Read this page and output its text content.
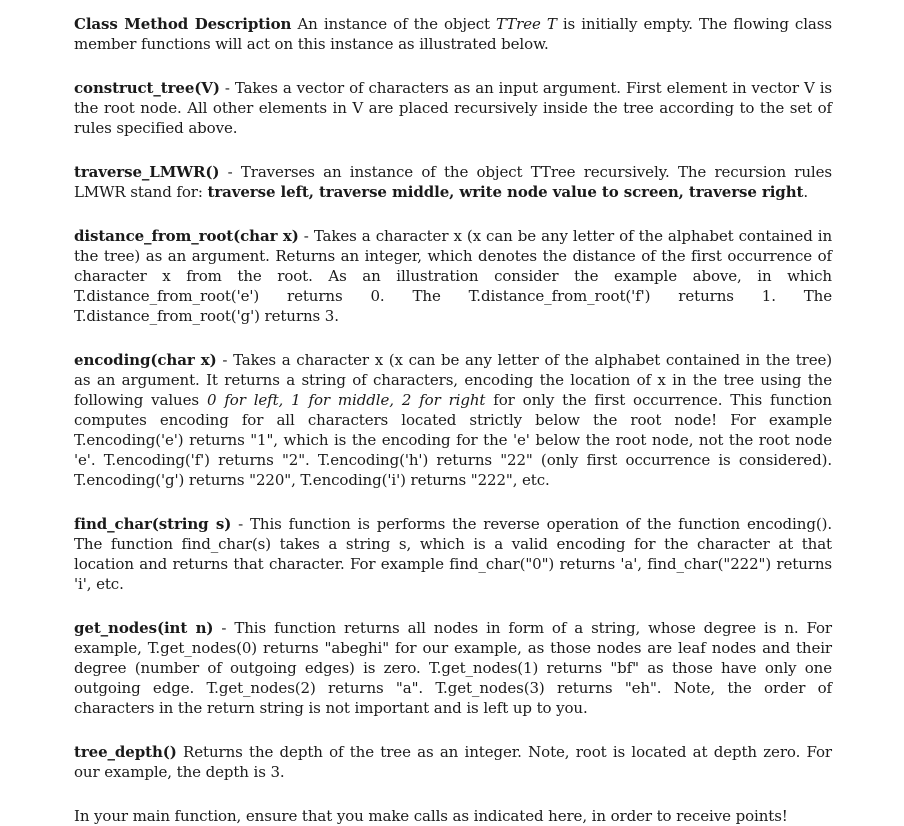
Class Method Description An instance of the object TTree T is initially empty. The flowing class member functions will act on this instance as illustrated below.

construct_tree(V) - Takes a vector of characters as an input argument. First element in vector V is the root node. All other elements in V are placed recursively inside the tree according to the set of rules specified above.

traverse_LMWR() - Traverses an instance of the object TTree recursively. The recursion rules LMWR stand for: traverse left, traverse middle, write node value to screen, traverse right.

distance_from_root(char x) - Takes a character x (x can be any letter of the alphabet contained in the tree) as an argument. Returns an integer, which denotes the distance of the first occurrence of character x from the root. As an illustration consider the example above, in which T.distance_from_root('e') returns 0. The T.distance_from_root('f') returns 1. The T.distance_from_root('g') returns 3.

encoding(char x) - Takes a character x (x can be any letter of the alphabet contained in the tree) as an argument. It returns a string of characters, encoding the location of x in the tree using the following values 0 for left, 1 for middle, 2 for right for only the first occurrence. This function computes encoding for all characters located strictly below the root node! For example T.encoding('e') returns "1", which is the encoding for the 'e' below the root node, not the root node 'e'. T.encoding('f') returns "2". T.encoding('h') returns "22" (only first occurrence is considered). T.encoding('g') returns "220", T.encoding('i') returns "222", etc.

find_char(string s) - This function is performs the reverse operation of the function encoding(). The function find_char(s) takes a string s, which is a valid encoding for the character at that location and returns that character. For example find_char("0") returns 'a', find_char("222") returns 'i', etc.

get_nodes(int n) - This function returns all nodes in form of a string, whose degree is n. For example, T.get_nodes(0) returns "abeghi" for our example, as those nodes are leaf nodes and their degree (number of outgoing edges) is zero. T.get_nodes(1) returns "bf" as those have only one outgoing edge. T.get_nodes(2) returns "a". T.get_nodes(3) returns "eh". Note, the order of characters in the return string is not important and is left up to you.

tree_depth() Returns the depth of the tree as an integer. Note, root is located at depth zero. For our example, the depth is 3.

In your main function, ensure that you make calls as indicated here, in order to receive points!
